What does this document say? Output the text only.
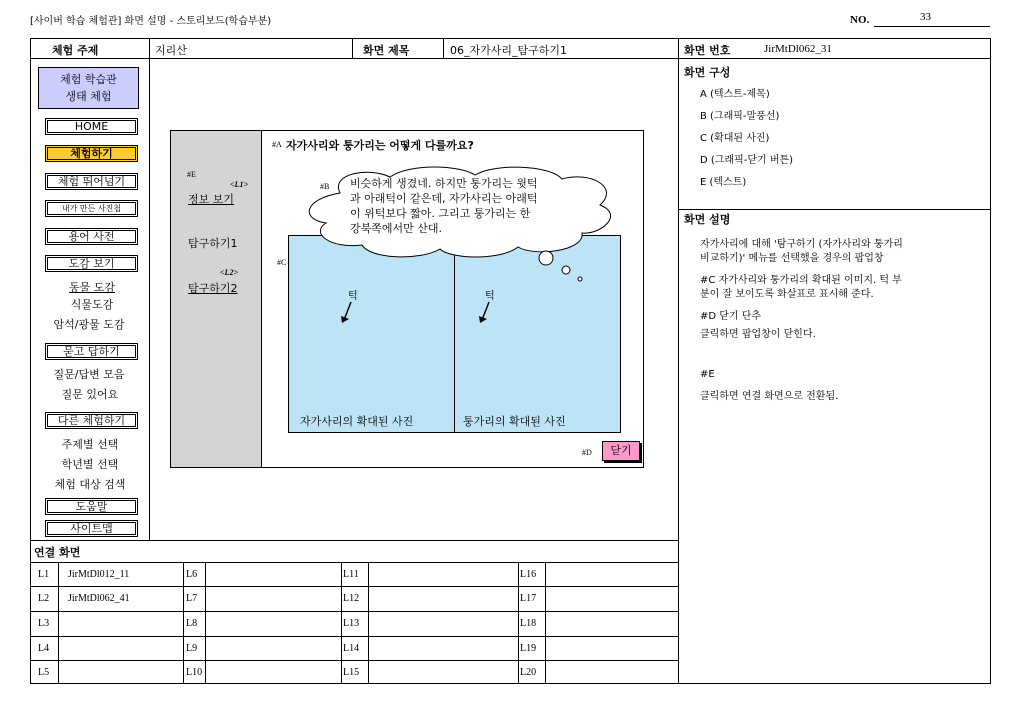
[사이버 학습 체험관] 화면 설명 - 스토리보드(학습부분)	NO.	33
체험 주제	지리산	화면 제목	06_자가사리_탐구하기1	화면 번호	JirMtDl062_31
체험 학습관
생태 체험
HOME
체험하기
체험 뛰어넘기
내가 만든 사진첩
용어 사전
도감 보기
동물 도감
식물도감
암석/광물 도감
묻고 답하기
질문/답변 모음
질문 있어요
다른 체험하기
주제별 선택
학년별 선택
체험 대상 검색
도움말
사이트맵
#E
<L1>
정보 보기
탐구하기1
<L2>
탐구하기2
#A 자가사리와 퉁가리는 어떻게 다를까요?
#C
#B 비슷하게 생겼네. 하지만 퉁가리는 윗턱
과 아래턱이 같은데, 자가사리는 아래턱
이 위턱보다 짧아. 그리고 퉁가리는 한
강북쪽에서만 산대.
턱	턱
자가사리의 확대된 사진	퉁가리의 확대된 사진
#D	닫기
연결 화면
L1 JirMtDl012_11	L6	L11	L16
L2 JirMtDl062_41	L7	L12	L17
L3	L8	L13	L18
L4	L9	L14	L19
L5	L10	L15	L20
화면 구성
A (텍스트-제목)
B (그래픽-말풍선)
C (확대된 사진)
D (그래픽-닫기 버튼)
E (텍스트)
화면 설명
자가사리에 대해 '탐구하기 (자가사리와 퉁가리
비교하기)' 메뉴를 선택했을 경우의 팝업창
#C 자가사리와 퉁가리의 확대된 이미지. 턱 부
분이 잘 보이도록 화살표로 표시해 준다.
#D 닫기 단추
클릭하면 팝업창이 닫힌다.
#E
클릭하면 연결 화면으로 전환됨.
